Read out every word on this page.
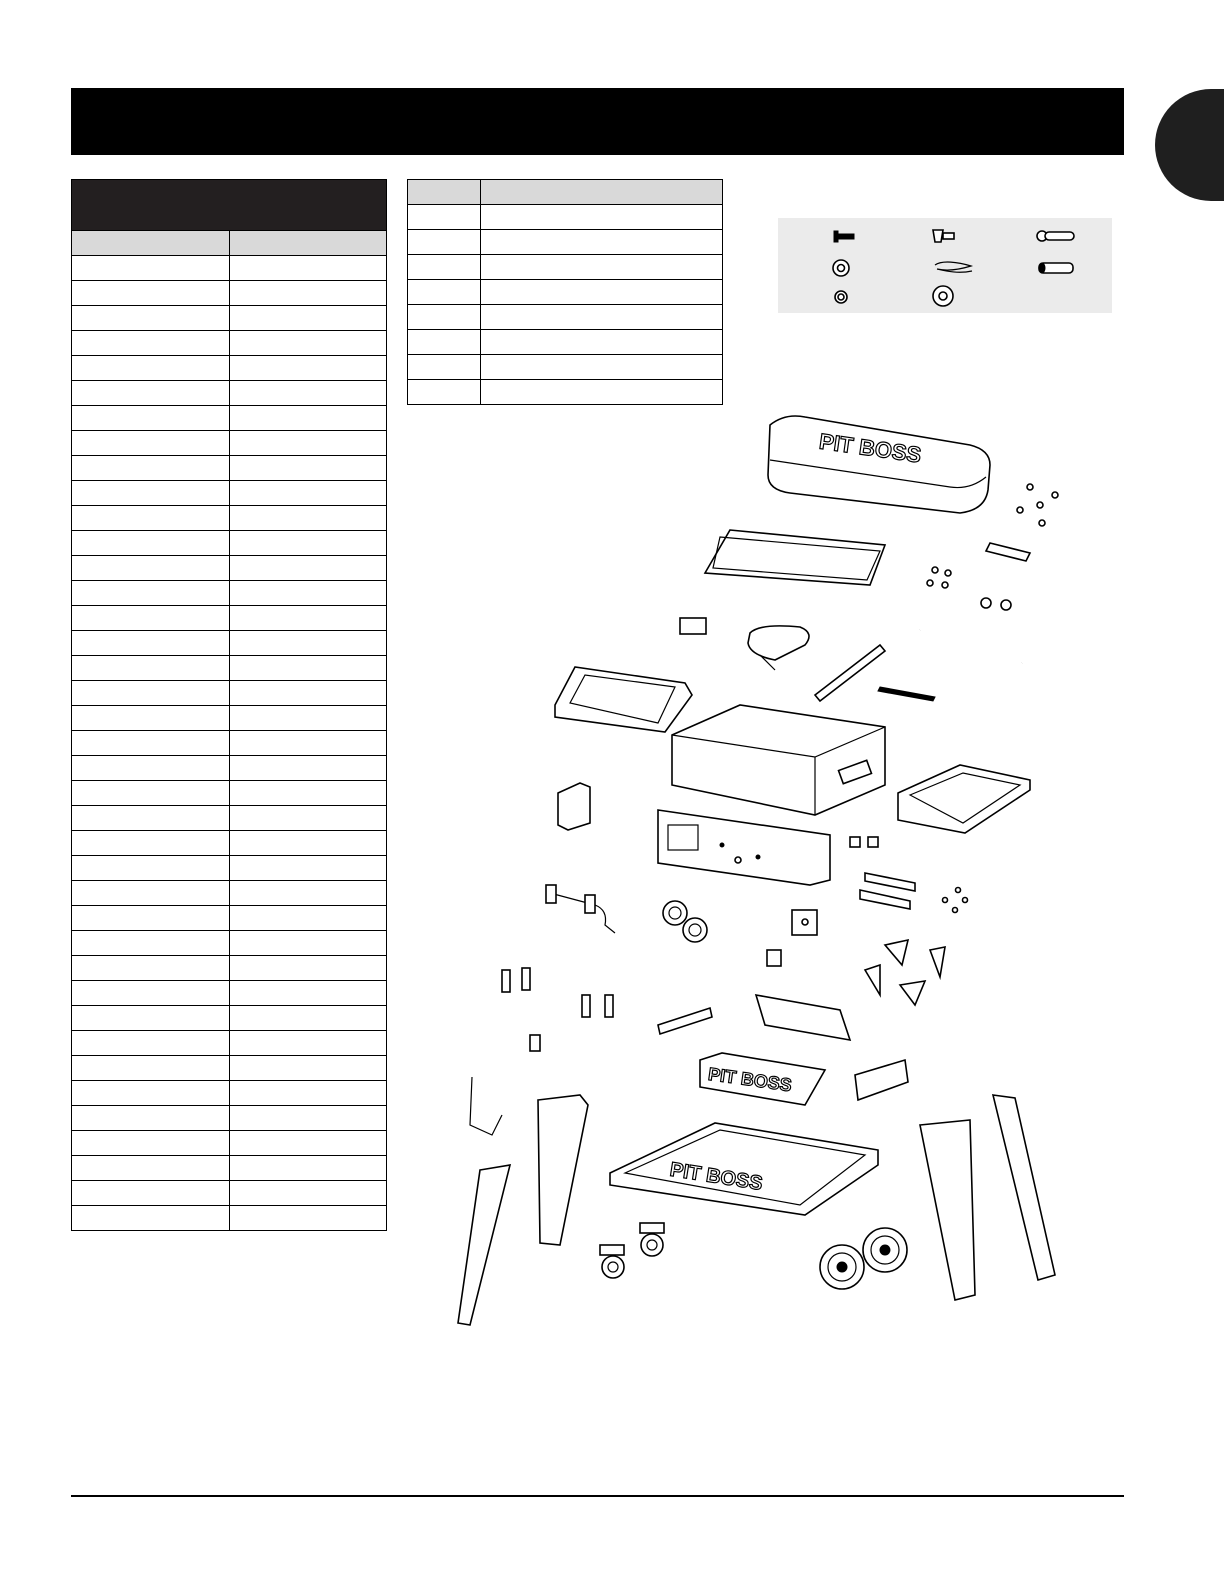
PIT BOSS
PIT BOSS
PIT BOSS
